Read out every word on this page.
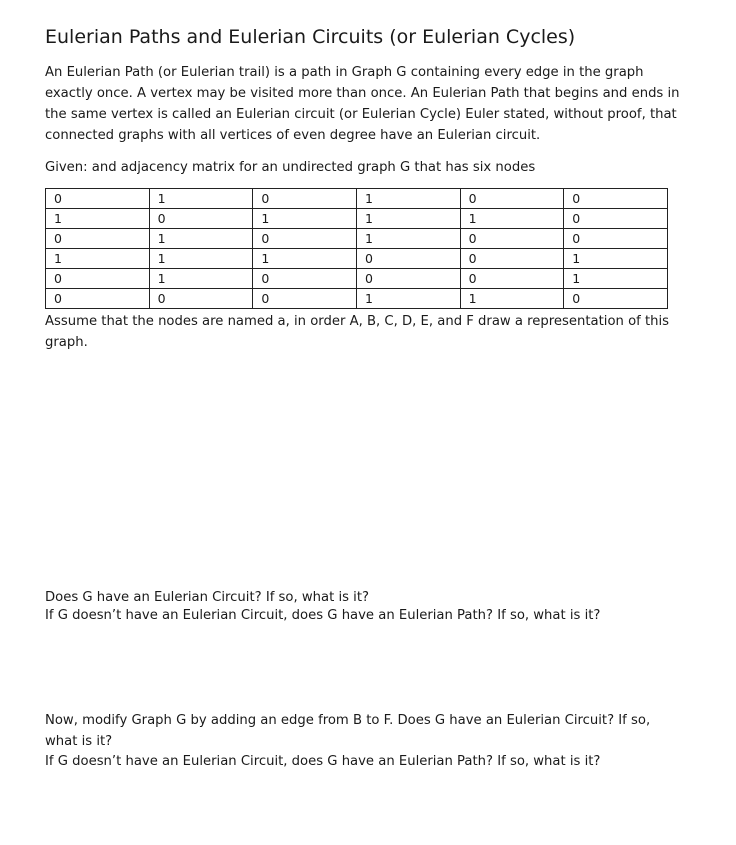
Eulerian Paths and Eulerian Circuits (or Eulerian Cycles)

An Eulerian Path (or Eulerian trail) is a path in Graph G containing every edge in the graph exactly once. A vertex may be visited more than once. An Eulerian Path that begins and ends in the same vertex is called an Eulerian circuit (or Eulerian Cycle) Euler stated, without proof, that connected graphs with all vertices of even degree have an Eulerian circuit.

Given: and adjacency matrix for an undirected graph G that has six nodes

0	1	0	1	0	0
1	0	1	1	1	0
0	1	0	1	0	0
1	1	1	0	0	1
0	1	0	0	0	1
0	0	0	1	1	0

Assume that the nodes are named a, in order A, B, C, D, E, and F draw a representation of this graph.

Does G have an Eulerian Circuit? If so, what is it?

If G doesn’t have an Eulerian Circuit, does G have an Eulerian Path? If so, what is it?

Now, modify Graph G by adding an edge from B to F. Does G have an Eulerian Circuit? If so, what is it?

If G doesn’t have an Eulerian Circuit, does G have an Eulerian Path? If so, what is it?
